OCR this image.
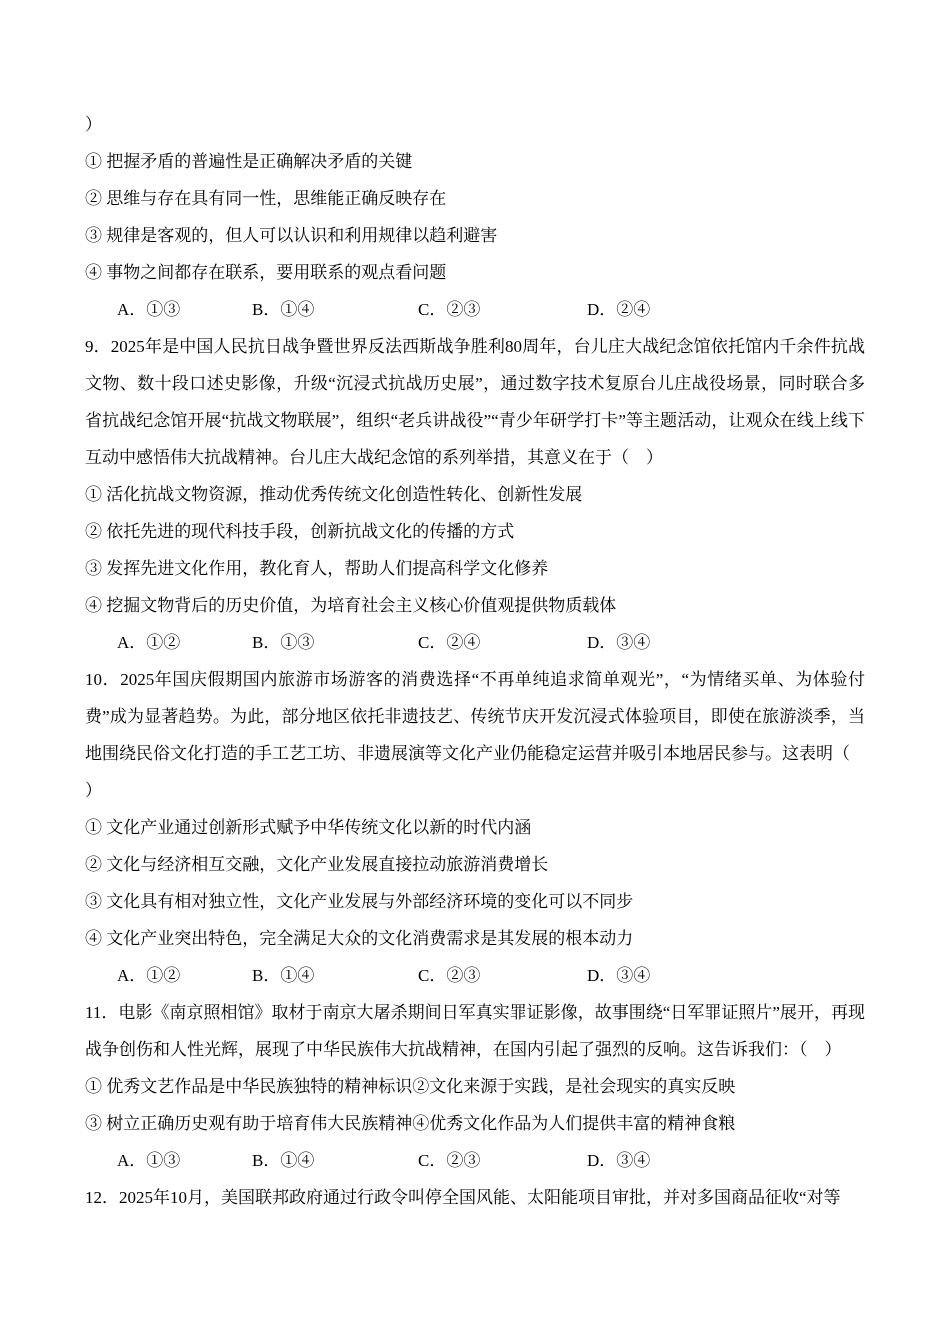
）
① 把握矛盾的普遍性是正确解决矛盾的关键
② 思维与存在具有同一性，思维能正确反映存在
③ 规律是客观的，但人可以认识和利用规律以趋利避害
④ 事物之间都存在联系，要用联系的观点看问题
A．①③	B．①④	C．②③	D．②④
9．2025年是中国人民抗日战争暨世界反法西斯战争胜利80周年，台儿庄大战纪念馆依托馆内千余件抗战文物、数十段口述史影像，升级“沉浸式抗战历史展”，通过数字技术复原台儿庄战役场景，同时联合多省抗战纪念馆开展“抗战文物联展”，组织“老兵讲战役”“青少年研学打卡”等主题活动，让观众在线上线下互动中感悟伟大抗战精神。台儿庄大战纪念馆的系列举措，其意义在于（　）
① 活化抗战文物资源，推动优秀传统文化创造性转化、创新性发展
② 依托先进的现代科技手段，创新抗战文化的传播的方式
③ 发挥先进文化作用，教化育人，帮助人们提高科学文化修养
④ 挖掘文物背后的历史价值，为培育社会主义核心价值观提供物质载体
A．①②	B．①③	C．②④	D．③④
10．2025年国庆假期国内旅游市场游客的消费选择“不再单纯追求简单观光”，“为情绪买单、为体验付费”成为显著趋势。为此，部分地区依托非遗技艺、传统节庆开发沉浸式体验项目，即使在旅游淡季，当地围绕民俗文化打造的手工艺工坊、非遗展演等文化产业仍能稳定运营并吸引本地居民参与。这表明（
）
① 文化产业通过创新形式赋予中华传统文化以新的时代内涵
② 文化与经济相互交融，文化产业发展直接拉动旅游消费增长
③ 文化具有相对独立性，文化产业发展与外部经济环境的变化可以不同步
④ 文化产业突出特色，完全满足大众的文化消费需求是其发展的根本动力
A．①②	B．①④	C．②③	D．③④
11．电影《南京照相馆》取材于南京大屠杀期间日军真实罪证影像，故事围绕“日军罪证照片”展开，再现战争创伤和人性光辉，展现了中华民族伟大抗战精神，在国内引起了强烈的反响。这告诉我们：（　）
① 优秀文艺作品是中华民族独特的精神标识②文化来源于实践，是社会现实的真实反映
③ 树立正确历史观有助于培育伟大民族精神④优秀文化作品为人们提供丰富的精神食粮
A．①③	B．①④	C．②③	D．③④
12．2025年10月，美国联邦政府通过行政令叫停全国风能、太阳能项目审批，并对多国商品征收“对等
